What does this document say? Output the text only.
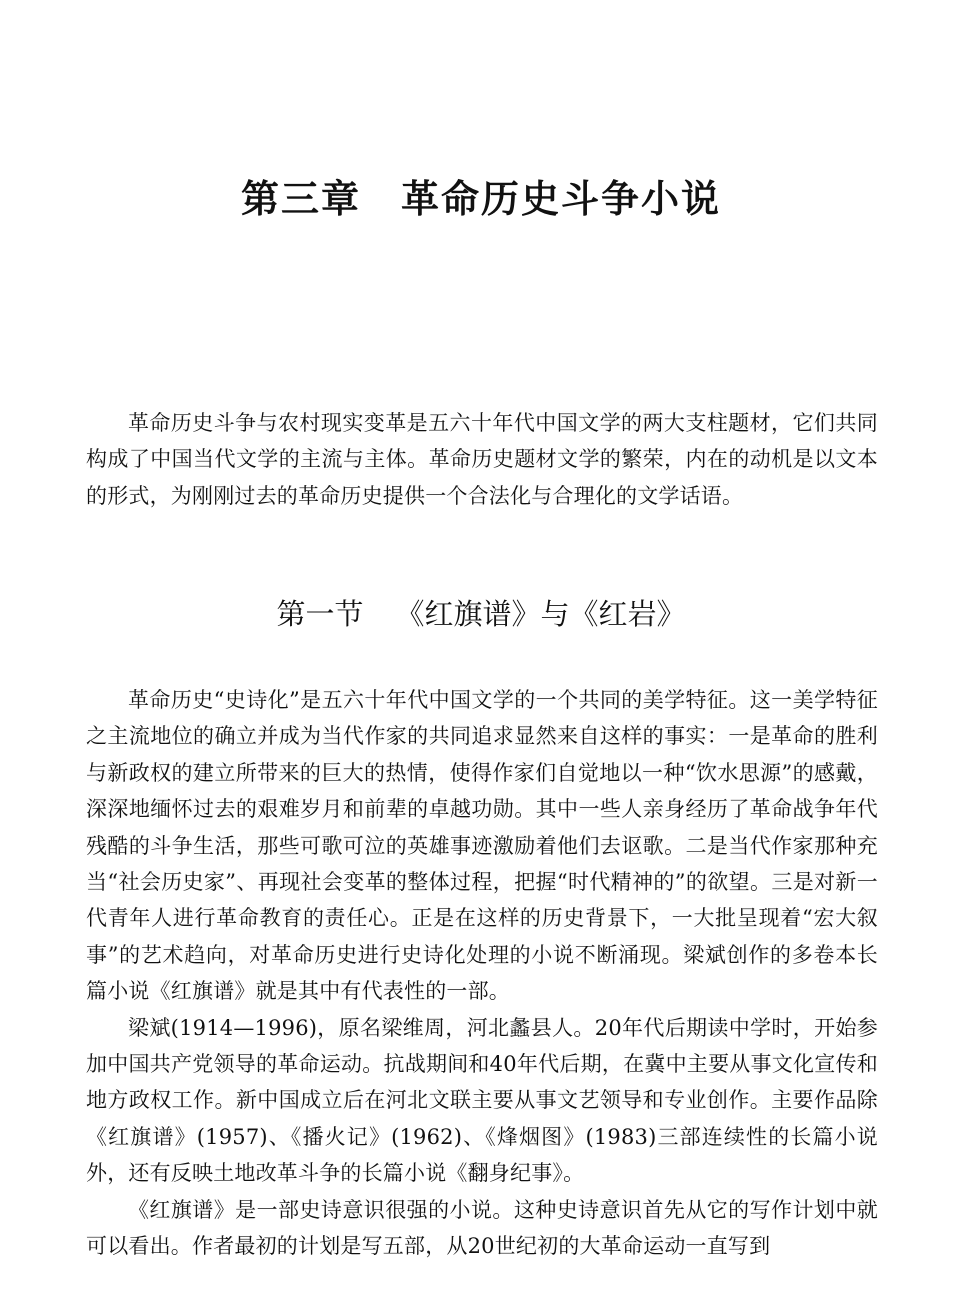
第三章 革命历史斗争小说

革命历史斗争与农村现实变革是五六十年代中国文学的两大支柱题材，它们共同构成了中国当代文学的主流与主体。革命历史题材文学的繁荣，内在的动机是以文本的形式，为刚刚过去的革命历史提供一个合法化与合理化的文学话语。

第一节 《红旗谱》与《红岩》

革命历史“史诗化”是五六十年代中国文学的一个共同的美学特征。这一美学特征之主流地位的确立并成为当代作家的共同追求显然来自这样的事实：一是革命的胜利与新政权的建立所带来的巨大的热情，使得作家们自觉地以一种“饮水思源”的感戴，深深地缅怀过去的艰难岁月和前辈的卓越功勋。其中一些人亲身经历了革命战争年代残酷的斗争生活，那些可歌可泣的英雄事迹激励着他们去讴歌。二是当代作家那种充当“社会历史家”、再现社会变革的整体过程，把握“时代精神的”的欲望。三是对新一代青年人进行革命教育的责任心。正是在这样的历史背景下，一大批呈现着“宏大叙事”的艺术趋向，对革命历史进行史诗化处理的小说不断涌现。梁斌创作的多卷本长篇小说《红旗谱》就是其中有代表性的一部。

梁斌(1914—1996)，原名梁维周，河北蠡县人。20年代后期读中学时，开始参加中国共产党领导的革命运动。抗战期间和40年代后期，在冀中主要从事文化宣传和地方政权工作。新中国成立后在河北文联主要从事文艺领导和专业创作。主要作品除《红旗谱》(1957)、《播火记》(1962)、《烽烟图》(1983)三部连续性的长篇小说外，还有反映土地改革斗争的长篇小说《翻身纪事》。

《红旗谱》是一部史诗意识很强的小说。这种史诗意识首先从它的写作计划中就可以看出。作者最初的计划是写五部，从20世纪初的大革命运动一直写到
